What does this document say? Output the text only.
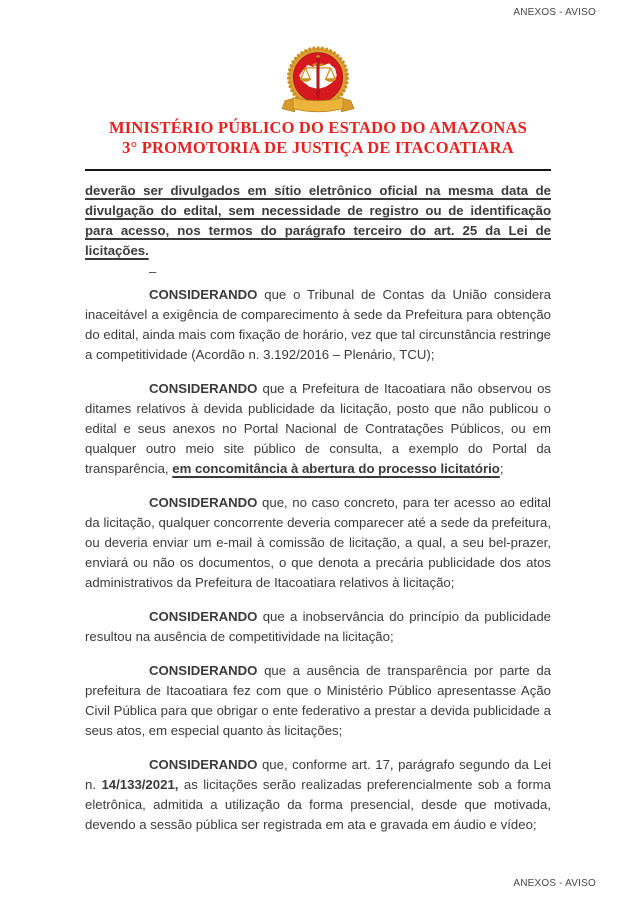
ANEXOS - AVISO
MINISTÉRIO PÚBLICO DO ESTADO DO AMAZONAS
3° PROMOTORIA DE JUSTIÇA DE ITACOATIARA

deverão ser divulgados em sítio eletrônico oficial na mesma data de divulgação do edital, sem necessidade de registro ou de identificação para acesso, nos termos do parágrafo terceiro do art. 25 da Lei de licitações.

–

CONSIDERANDO que o Tribunal de Contas da União considera inaceitável a exigência de comparecimento à sede da Prefeitura para obtenção do edital, ainda mais com fixação de horário, vez que tal circunstância restringe a competitividade (Acordão n. 3.192/2016 – Plenário, TCU);

CONSIDERANDO que a Prefeitura de Itacoatiara não observou os ditames relativos à devida publicidade da licitação, posto que não publicou o edital e seus anexos no Portal Nacional de Contratações Públicos, ou em qualquer outro meio site público de consulta, a exemplo do Portal da transparência, em concomitância à abertura do processo licitatório;

CONSIDERANDO que, no caso concreto, para ter acesso ao edital da licitação, qualquer concorrente deveria comparecer até a sede da prefeitura, ou deveria enviar um e-mail à comissão de licitação, a qual, a seu bel-prazer, enviará ou não os documentos, o que denota a precária publicidade dos atos administrativos da Prefeitura de Itacoatiara relativos à licitação;

CONSIDERANDO que a inobservância do princípio da publicidade resultou na ausência de competitividade na licitação;

CONSIDERANDO que a ausência de transparência por parte da prefeitura de Itacoatiara fez com que o Ministério Público apresentasse Ação Civil Pública para que obrigar o ente federativo a prestar a devida publicidade a seus atos, em especial quanto às licitações;

CONSIDERANDO que, conforme art. 17, parágrafo segundo da Lei n. 14/133/2021, as licitações serão realizadas preferencialmente sob a forma eletrônica, admitida a utilização da forma presencial, desde que motivada, devendo a sessão pública ser registrada em ata e gravada em áudio e vídeo;

ANEXOS - AVISO
